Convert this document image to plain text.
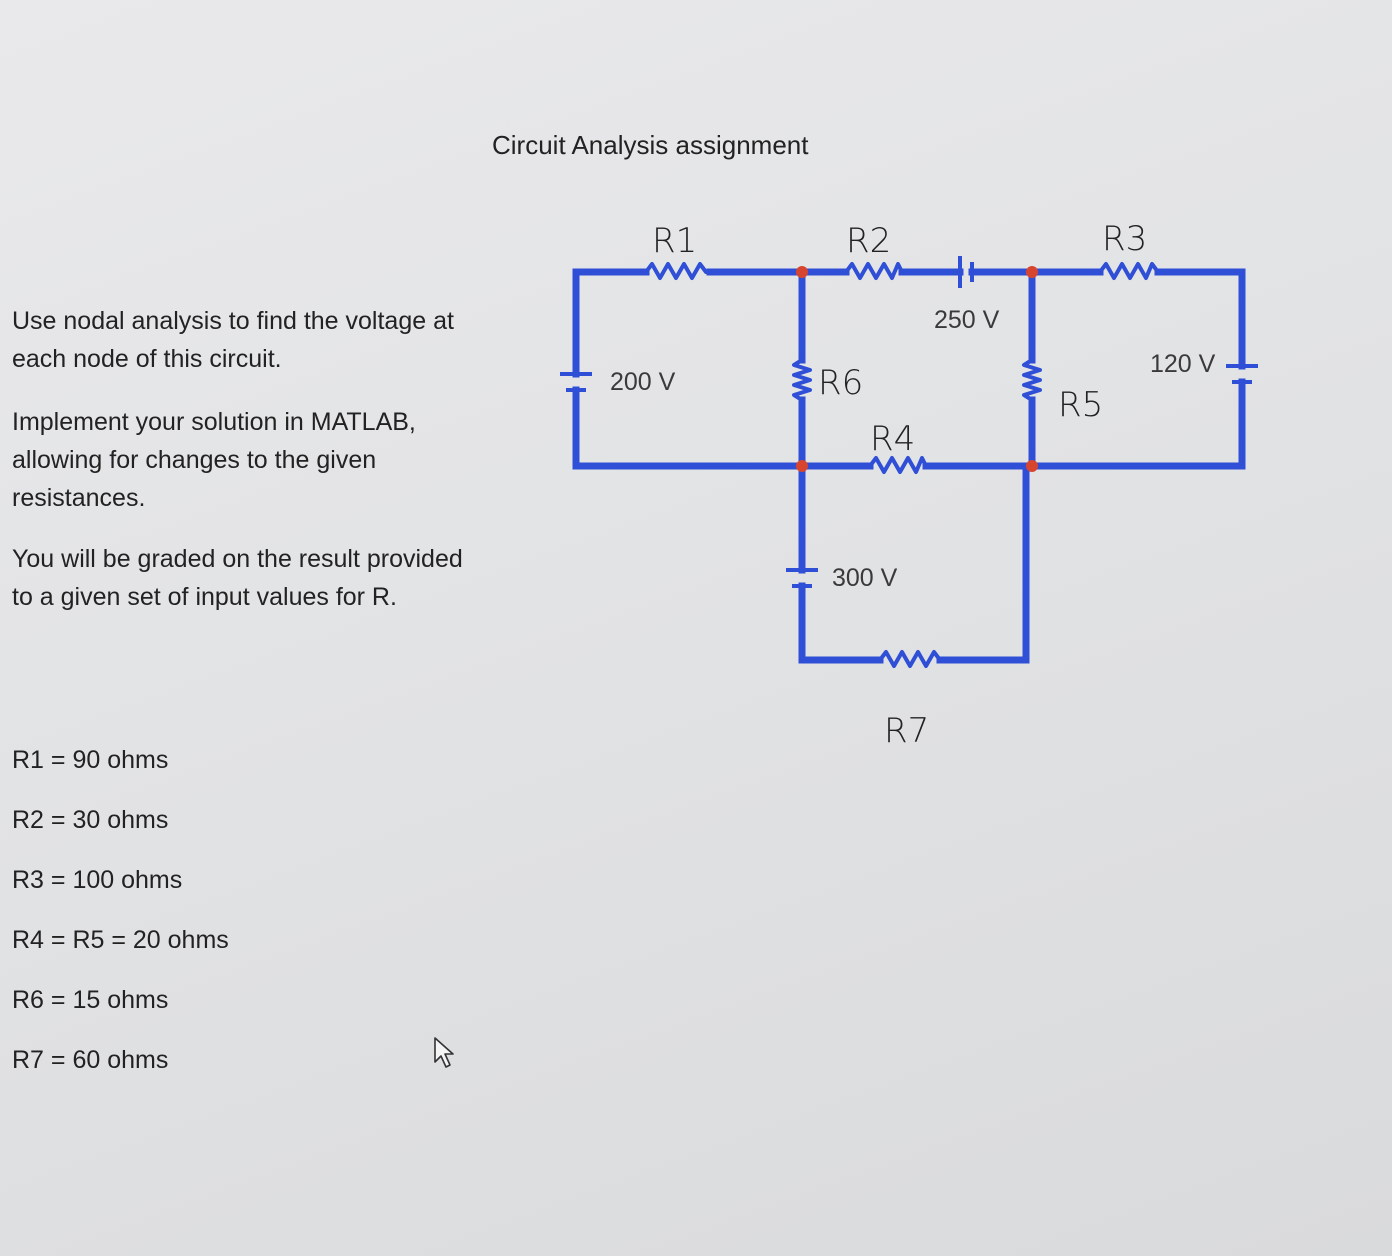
Circuit Analysis assignment
Use nodal analysis to find the voltage at
each node of this circuit.
Implement your solution in MATLAB,
allowing for changes to the given
resistances.
You will be graded on the result provided
to a given set of input values for R.
R1 = 90 ohms
R2 = 30 ohms
R3 = 100 ohms
R4 = R5 = 20 ohms
R6 = 15 ohms
R7 = 60 ohms
200 V
250 V
120 V
300 V
R1	R2	R3
R6
R5
R4
R7
